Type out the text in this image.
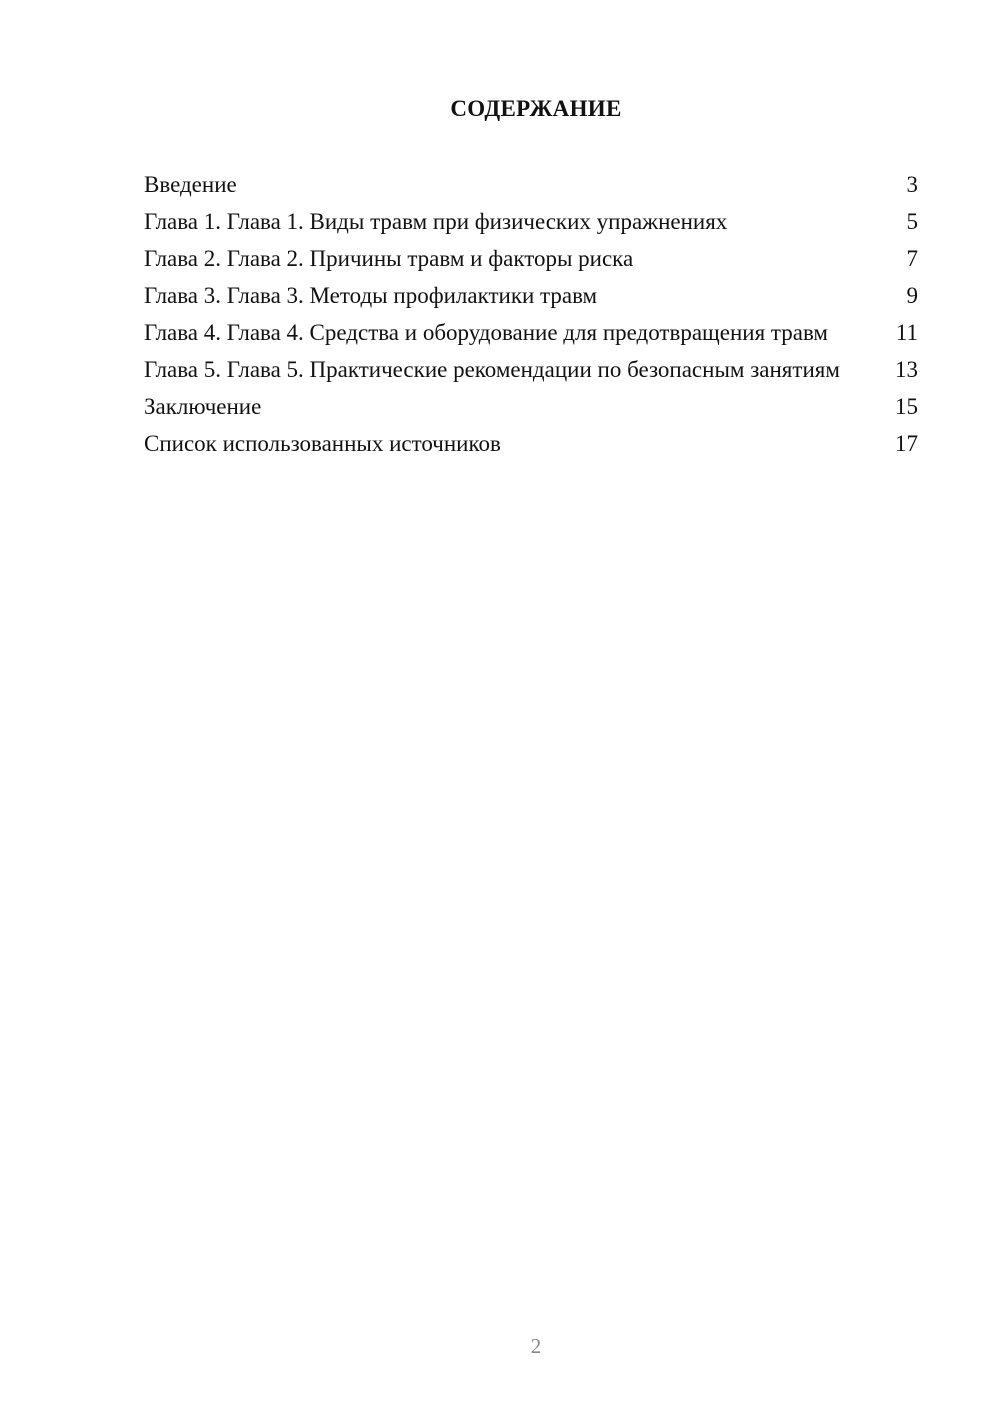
СОДЕРЖАНИЕ
Введение	3
Глава 1. Глава 1. Виды травм при физических упражнениях	5
Глава 2. Глава 2. Причины травм и факторы риска	7
Глава 3. Глава 3. Методы профилактики травм	9
Глава 4. Глава 4. Средства и оборудование для предотвращения травм	11
Глава 5. Глава 5. Практические рекомендации по безопасным занятиям	13
Заключение	15
Список использованных источников	17
2
